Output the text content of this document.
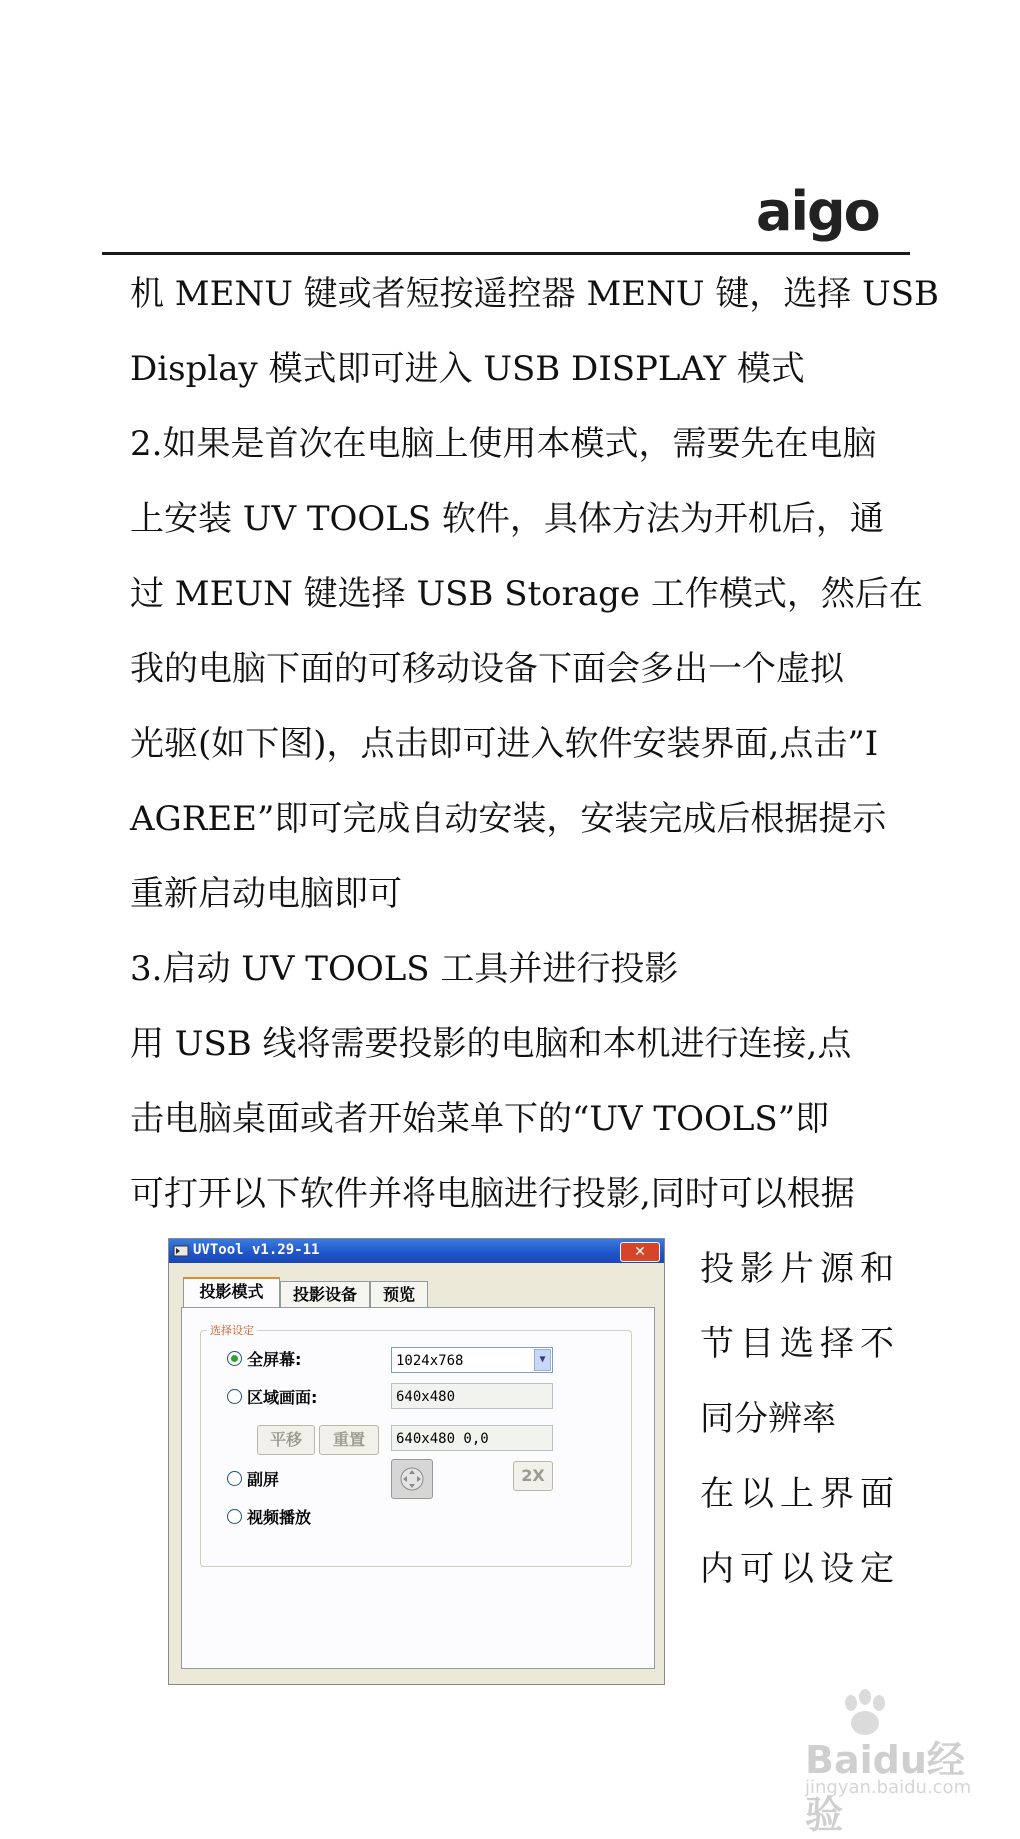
aigo
机 MENU 键或者短按遥控器 MENU 键，选择 USB
Display 模式即可进入 USB DISPLAY 模式
2.如果是首次在电脑上使用本模式，需要先在电脑
上安装 UV TOOLS 软件，具体方法为开机后，通
过 MEUN 键选择 USB Storage 工作模式，然后在
我的电脑下面的可移动设备下面会多出一个虚拟
光驱(如下图)，点击即可进入软件安装界面,点击”I
AGREE”即可完成自动安装，安装完成后根据提示
重新启动电脑即可
3.启动 UV TOOLS 工具并进行投影
用 USB 线将需要投影的电脑和本机进行连接,点
击电脑桌面或者开始菜单下的“UV TOOLS”即
可打开以下软件并将电脑进行投影,同时可以根据
投影片源和
节目选择不
同分辨率
在以上界面
内可以设定
UVTool v1.29-11	✕
投影模式	投影设备	预览
选择设定
全屏幕:	1024x768	▼
区域画面:	640x480
平移	重置	640x480 0,0
副屏	2X
视频播放
Baidu经验
jingyan.baidu.com
